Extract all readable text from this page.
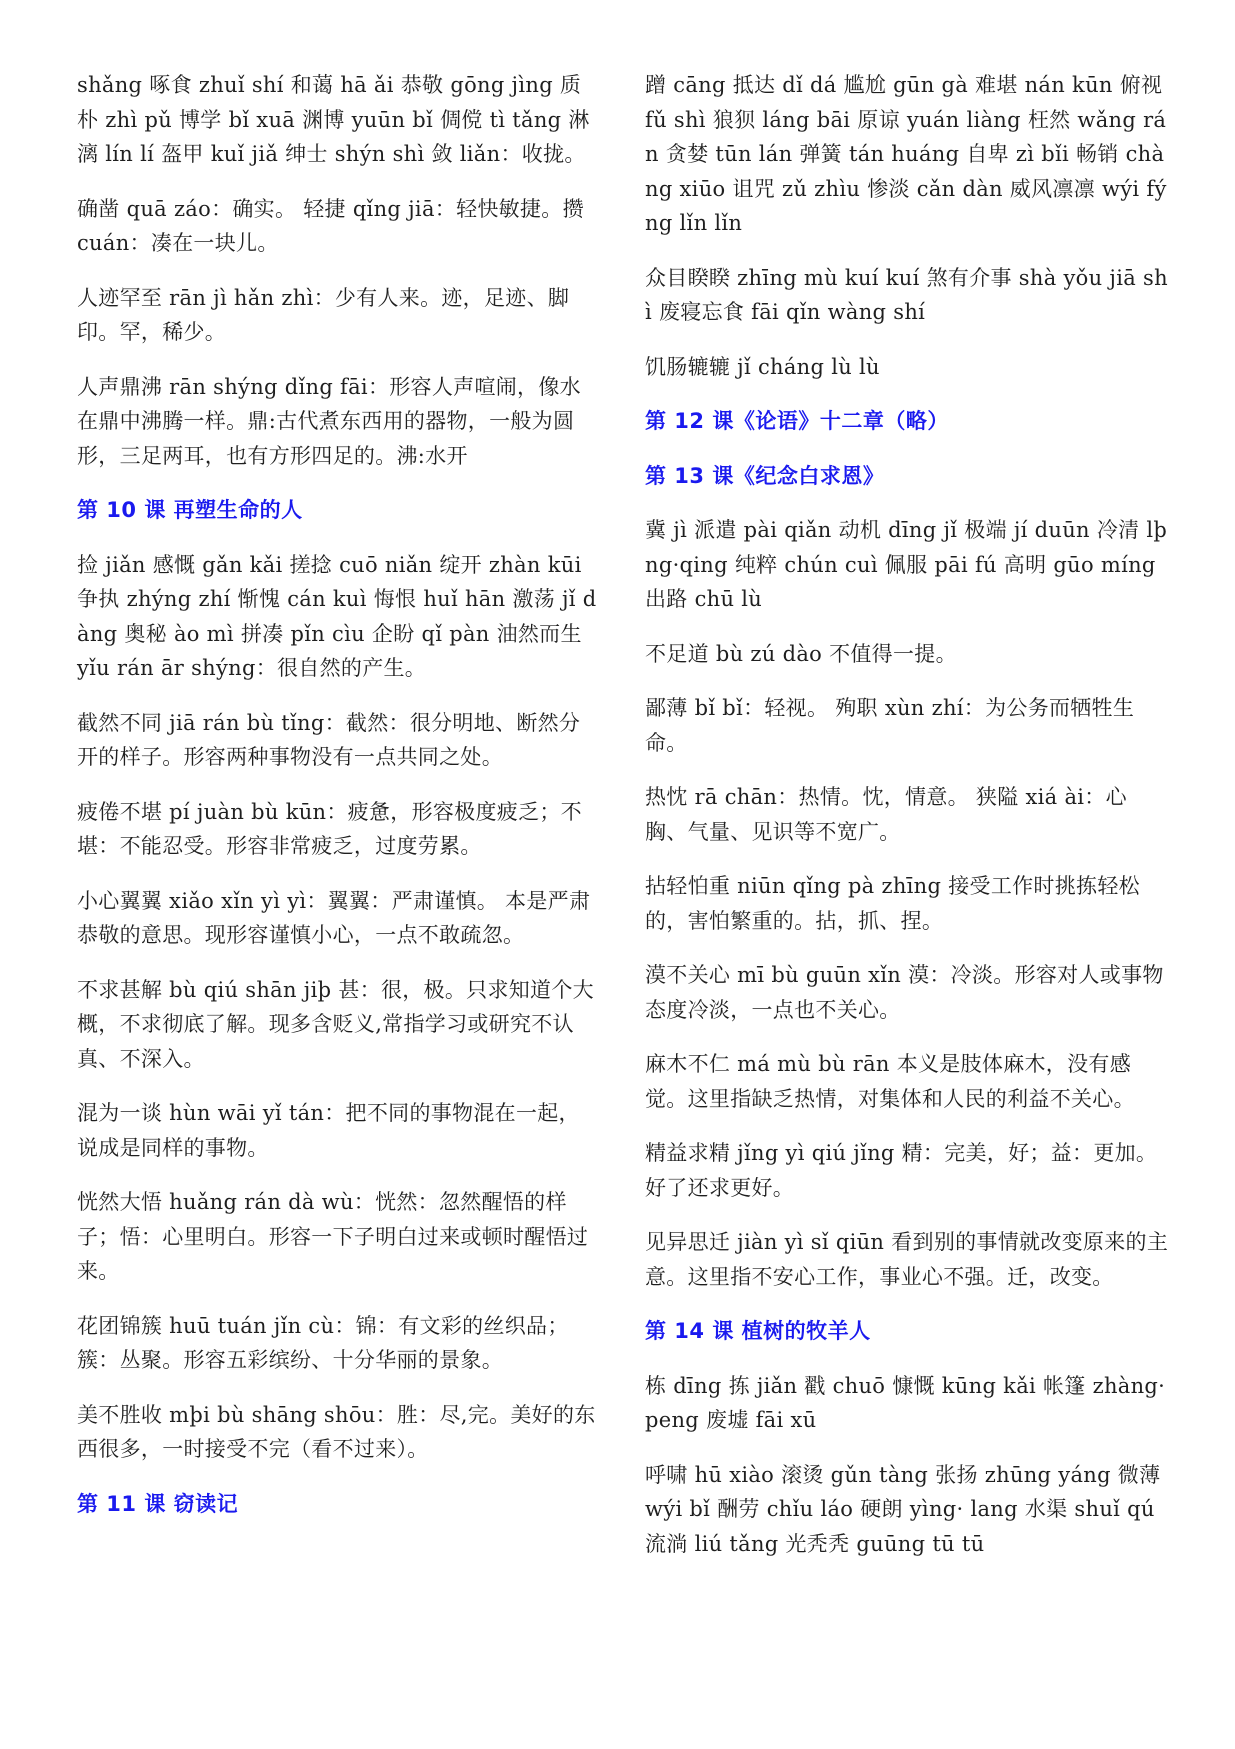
shǎng 啄食 zhuǐ shí 和蔼 hā ǎi 恭敬 gōng jìng 质朴 zhì pǔ 博学 bǐ xuā 渊博 yuūn bǐ 倜傥 tì tǎng 淋漓 lín lí 盔甲 kuǐ jiǎ 绅士 shýn shì 敛 liǎn：收拢。

确凿 quā záo：确实。 轻捷 qǐng jiā：轻快敏捷。攒 cuán：凑在一块儿。

人迹罕至 rān jì hǎn zhì：少有人来。迹，足迹、脚印。罕，稀少。

人声鼎沸 rān shýng dǐng fāi：形容人声喧闹，像水在鼎中沸腾一样。鼎:古代煮东西用的器物，一般为圆形，三足两耳，也有方形四足的。沸:水开

第 10 课 再塑生命的人

捡 jiǎn 感慨 gǎn kǎi 搓捻 cuō niǎn 绽开 zhàn kūi 争执 zhýng zhí 惭愧 cán kuì 悔恨 huǐ hān 激荡 jǐ dàng 奥秘 ào mì 拼凑 pǐn cìu 企盼 qǐ pàn 油然而生 yǐu rán ār shýng：很自然的产生。

截然不同 jiā rán bù tǐng：截然：很分明地、断然分开的样子。形容两种事物没有一点共同之处。

疲倦不堪 pí juàn bù kūn：疲惫，形容极度疲乏；不堪：不能忍受。形容非常疲乏，过度劳累。

小心翼翼 xiǎo xǐn yì yì：翼翼：严肃谨慎。 本是严肃恭敬的意思。现形容谨慎小心，一点不敢疏忽。

不求甚解 bù qiú shān jiþ 甚：很，极。只求知道个大概，不求彻底了解。现多含贬义,常指学习或研究不认真、不深入。

混为一谈 hùn wāi yǐ tán：把不同的事物混在一起，说成是同样的事物。

恍然大悟 huǎng rán dà wù：恍然：忽然醒悟的样子；悟：心里明白。形容一下子明白过来或顿时醒悟过来。

花团锦簇 huū tuán jǐn cù：锦：有文彩的丝织品；簇：丛聚。形容五彩缤纷、十分华丽的景象。

美不胜收 mþi bù shāng shōu：胜：尽,完。美好的东西很多，一时接受不完（看不过来）。

第 11 课 窃读记

蹭 cāng 抵达 dǐ dá 尴尬 gūn gà 难堪 nán kūn 俯视 fǔ shì 狼狈 láng bāi 原谅 yuán liàng 枉然 wǎng rán 贪婪 tūn lán 弹簧 tán huáng 自卑 zì bǐi 畅销 chàng xiūo 诅咒 zǔ zhìu 惨淡 cǎn dàn 威风凛凛 wýi fýng lǐn lǐn

众目睽睽 zhīng mù kuí kuí 煞有介事 shà yǒu jiā shì 废寝忘食 fāi qǐn wàng shí

饥肠辘辘 jǐ cháng lù lù

第 12 课《论语》十二章（略）

第 13 课《纪念白求恩》

冀 jì 派遣 pài qiǎn 动机 dīng jǐ 极端 jí duūn 冷清 lþng·qing 纯粹 chún cuì 佩服 pāi fú 高明 gūo míng 出路 chū lù

不足道 bù zú dào 不值得一提。

鄙薄 bǐ bǐ：轻视。 殉职 xùn zhí：为公务而牺牲生命。

热忱 rā chān：热情。忱，情意。 狭隘 xiá ài：心胸、气量、见识等不宽广。

拈轻怕重 niūn qǐng pà zhīng 接受工作时挑拣轻松的，害怕繁重的。拈，抓、捏。

漠不关心 mī bù guūn xǐn 漠：冷淡。形容对人或事物态度冷淡，一点也不关心。

麻木不仁 má mù bù rān 本义是肢体麻木，没有感觉。这里指缺乏热情，对集体和人民的利益不关心。

精益求精 jǐng yì qiú jǐng 精：完美，好；益：更加。好了还求更好。

见异思迁 jiàn yì sǐ qiūn 看到别的事情就改变原来的主意。这里指不安心工作，事业心不强。迁，改变。

第 14 课 植树的牧羊人

栋 dīng 拣 jiǎn 戳 chuō 慷慨 kūng kǎi 帐篷 zhàng· peng 废墟 fāi xū

呼啸 hū xiào 滚烫 gǔn tàng 张扬 zhūng yáng 微薄 wýi bǐ 酬劳 chǐu láo 硬朗 yìng· lang 水渠 shuǐ qú 流淌 liú tǎng 光秃秃 guūng tū tū
